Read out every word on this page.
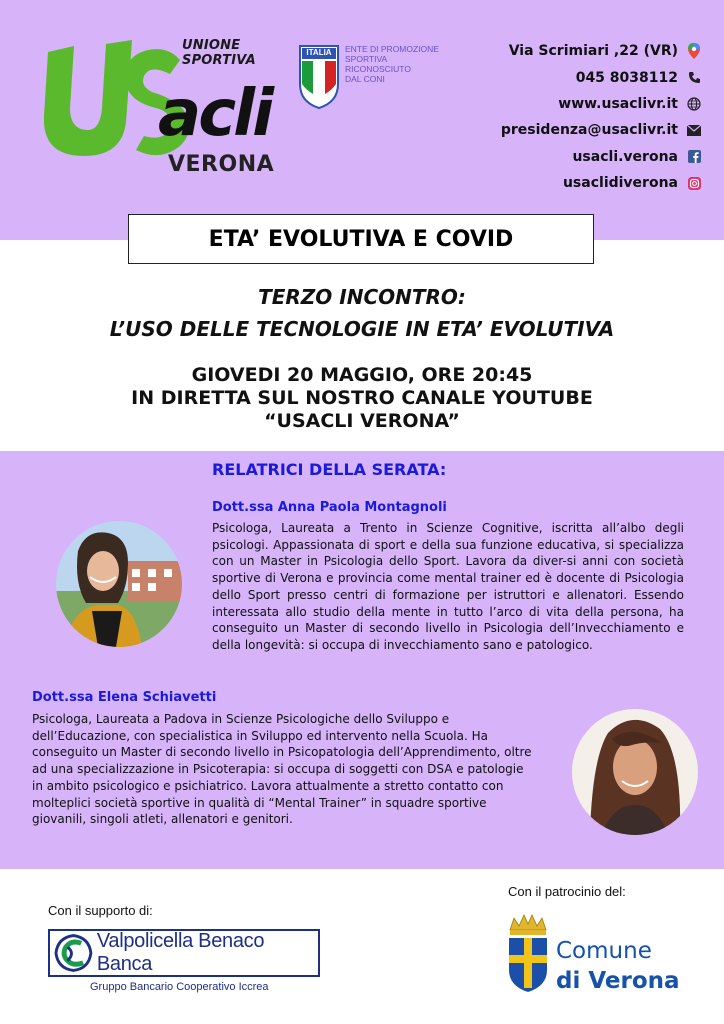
UNIONE SPORTIVA
acli
VERONA
ITALIA	ENTE DI PROMOZIONE
SPORTIVA
RICONOSCIUTO
DAL CONI
Via Scrimiari ,22 (VR)
045 8038112
www.usaclivr.it
presidenza@usaclivr.it
usacli.verona
usaclidiverona
ETA’ EVOLUTIVA E COVID
TERZO INCONTRO:
L’USO DELLE TECNOLOGIE IN ETA’ EVOLUTIVA
GIOVEDI 20 MAGGIO, ORE 20:45
IN DIRETTA SUL NOSTRO CANALE YOUTUBE
“USACLI VERONA”
RELATRICI DELLA SERATA:
Dott.ssa Anna Paola Montagnoli
Psicologa, Laureata a Trento in Scienze Cognitive, iscritta all’albo degli psicologi. Appassionata di sport e della sua funzione educativa, si specializza con un Master in Psicologia dello Sport. Lavora da diver-si anni con società sportive di Verona e provincia come mental trainer ed è docente di Psicologia dello Sport presso centri di formazione per istruttori e allenatori. Essendo interessata allo studio della mente in tutto l’arco di vita della persona, ha conseguito un Master di secondo livello in Psicologia dell’Invecchiamento e della longevità: si occupa di invecchiamento sano e patologico.
Dott.ssa Elena Schiavetti
Psicologa, Laureata a Padova in Scienze Psicologiche dello Sviluppo e dell’Educazione, con specialistica in Sviluppo ed intervento nella Scuola. Ha conseguito un Master di secondo livello in Psicopatologia dell’Apprendimento, oltre ad una specializzazione in Psicoterapia: si occupa di soggetti con DSA e patologie in ambito psicologico e psichiatrico. Lavora attualmente a stretto contatto con molteplici società sportive in qualità di “Mental Trainer” in squadre sportive giovanili, singoli atleti, allenatori e genitori.
Con il supporto di:
Valpolicella Benaco Banca
Gruppo Bancario Cooperativo Iccrea
Con il patrocinio del:
Comune
di Verona
